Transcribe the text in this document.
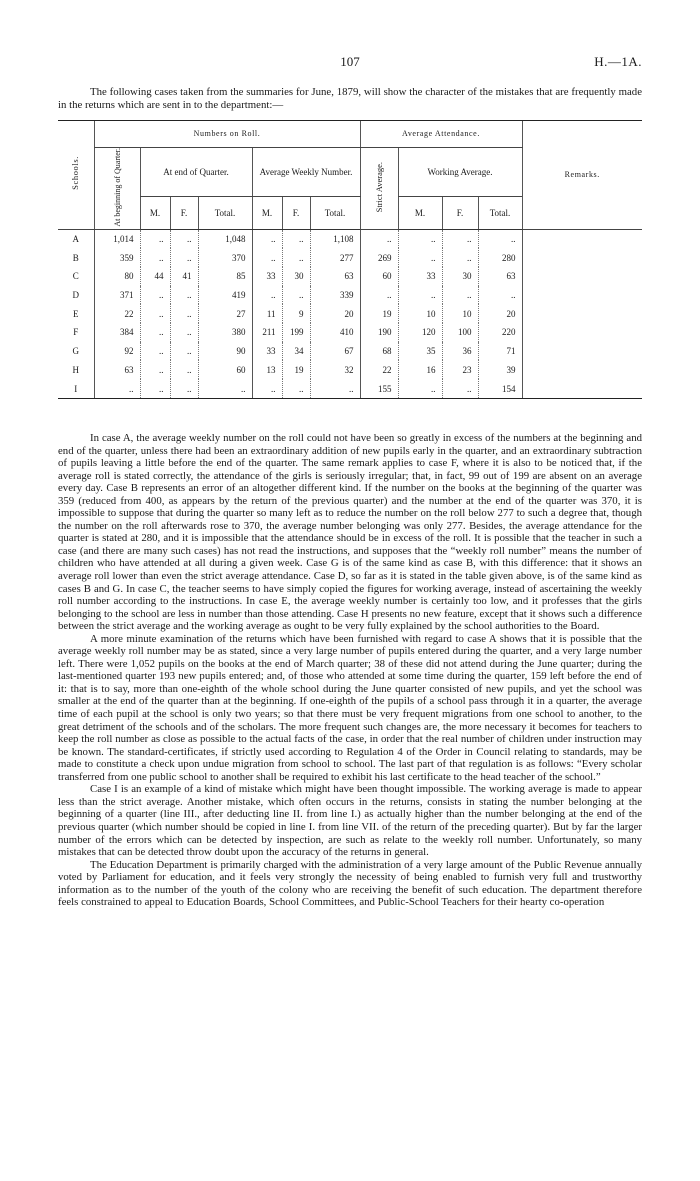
107	H.—1A.

The following cases taken from the summaries for June, 1879, will show the character of the mistakes that are frequently made in the returns which are sent in to the department:—

Schools.	Numbers on Roll.							Average Attendance.				Remarks.
	At beginning of Quarter.	At end of Quarter.			Average Weekly Number.			Strict Average.	Working Average.			
		M.	F.	Total.	M.	F.	Total.		M.	F.	Total.	
A	1,014	..	..	1,048	..	..	1,108	..	..	..	..	
B	359	..	..	370	..	..	277	269	..	..	280	
C	80	44	41	85	33	30	63	60	33	30	63	
D	371	..	..	419	..	..	339	..	..	..	..	
E	22	..	..	27	11	9	20	19	10	10	20	
F	384	..	..	380	211	199	410	190	120	100	220	
G	92	..	..	90	33	34	67	68	35	36	71	
H	63	..	..	60	13	19	32	22	16	23	39	
I	..	..	..	..	..	..	..	155	..	..	154	

In case A, the average weekly number on the roll could not have been so greatly in excess of the numbers at the beginning and end of the quarter, unless there had been an extraordinary addition of new pupils early in the quarter, and an extraordinary subtraction of pupils leaving a little before the end of the quarter. The same remark applies to case F, where it is also to be noticed that, if the average roll is stated correctly, the attendance of the girls is seriously irregular; that, in fact, 99 out of 199 are absent on an average every day. Case B represents an error of an altogether different kind. If the number on the books at the beginning of the quarter was 359 (reduced from 400, as appears by the return of the previous quarter) and the number at the end of the quarter was 370, it is impossible to suppose that during the quarter so many left as to reduce the number on the roll below 277 to such a degree that, though the number on the roll afterwards rose to 370, the average number belonging was only 277. Besides, the average attendance for the quarter is stated at 280, and it is impossible that the attendance should be in excess of the roll. It is possible that the teacher in such a case (and there are many such cases) has not read the instructions, and supposes that the “weekly roll number” means the number of children who have attended at all during a given week. Case G is of the same kind as case B, with this difference: that it shows an average roll lower than even the strict average attendance. Case D, so far as it is stated in the table given above, is of the same kind as cases B and G. In case C, the teacher seems to have simply copied the figures for working average, instead of ascertaining the weekly roll number according to the instructions. In case E, the average weekly number is certainly too low, and it professes that the girls belonging to the school are less in number than those attending. Case H presents no new feature, except that it shows such a difference between the strict average and the working average as ought to be very fully explained by the school authorities to the Board.

A more minute examination of the returns which have been furnished with regard to case A shows that it is possible that the average weekly roll number may be as stated, since a very large number of pupils entered during the quarter, and a very large number left. There were 1,052 pupils on the books at the end of March quarter; 38 of these did not attend during the June quarter; during the last-mentioned quarter 193 new pupils entered; and, of those who attended at some time during the quarter, 159 left before the end of it: that is to say, more than one-eighth of the whole school during the June quarter consisted of new pupils, and yet the school was smaller at the end of the quarter than at the beginning. If one-eighth of the pupils of a school pass through it in a quarter, the average time of each pupil at the school is only two years; so that there must be very frequent migrations from one school to another, to the great detriment of the schools and of the scholars. The more frequent such changes are, the more necessary it becomes for teachers to keep the roll number as close as possible to the actual facts of the case, in order that the real number of children under instruction may be known. The standard-certificates, if strictly used according to Regulation 4 of the Order in Council relating to standards, may be made to constitute a check upon undue migration from school to school. The last part of that regulation is as follows: “Every scholar transferred from one public school to another shall be required to exhibit his last certificate to the head teacher of the school.”

Case I is an example of a kind of mistake which might have been thought impossible. The working average is made to appear less than the strict average. Another mistake, which often occurs in the returns, consists in stating the number belonging at the beginning of a quarter (line III., after deducting line II. from line I.) as actually higher than the number belonging at the end of the previous quarter (which number should be copied in line I. from line VII. of the return of the preceding quarter). But by far the larger number of the errors which can be detected by inspection, are such as relate to the weekly roll number. Unfortunately, so many mistakes that can be detected throw doubt upon the accuracy of the returns in general.

The Education Department is primarily charged with the administration of a very large amount of the Public Revenue annually voted by Parliament for education, and it feels very strongly the necessity of being enabled to furnish very full and trustworthy information as to the number of the youth of the colony who are receiving the benefit of such education. The department therefore feels constrained to appeal to Education Boards, School Committees, and Public-School Teachers for their hearty co-operation
